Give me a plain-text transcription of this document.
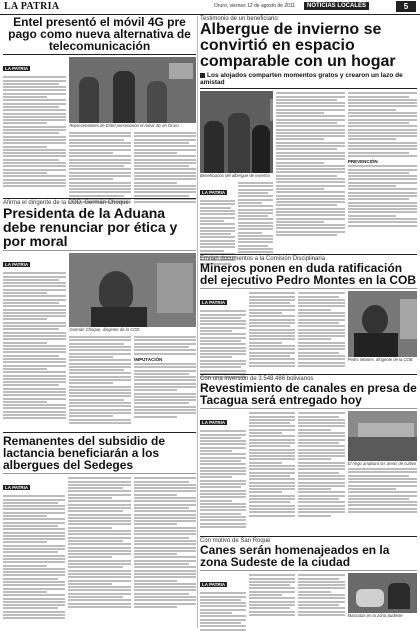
LA PATRIA	Oruro, viernes 12 de agosto de 2011	NOTICIAS LOCALES	5

Entel presentó el móvil 4G pre pago como nueva alternativa de telecomunicación

LA PATRIA
Representantes de Entel presentaron el móvil 4G en Oruro

Afirma el dirigente de la COD, Germán Choque:

Presidenta de la Aduana debe renunciar por ética y por moral

LA PATRIA
Germán Choque, dirigente de la COD
IMPUTACIÓN

Remanentes del subsidio de lactancia beneficiarán a los albergues del Sedeges

LA PATRIA

Testimonio de un beneficiario:

Albergue de invierno se convirtió en espacio comparable con un hogar

Los alojados comparten momentos gratos y crearon un lazo de amistad
Beneficiarios del albergue de invierno
LA PATRIA
PREVENCIÓN

Envían documentos a la Comisión Disciplinaria

Mineros ponen en duda ratificación del ejecutivo Pedro Montes en la COB

LA PATRIA
Pedro Montes, dirigente de la COB

Con una inversión de 3.548.486 bolivianos

Revestimiento de canales en presa de Tacagua será entregado hoy

LA PATRIA
El riego ampliará las áreas de cultivo

Con motivo de San Roque

Canes serán homenajeados en la zona Sudeste de la ciudad

LA PATRIA
Mascotas en la zona Sudeste
